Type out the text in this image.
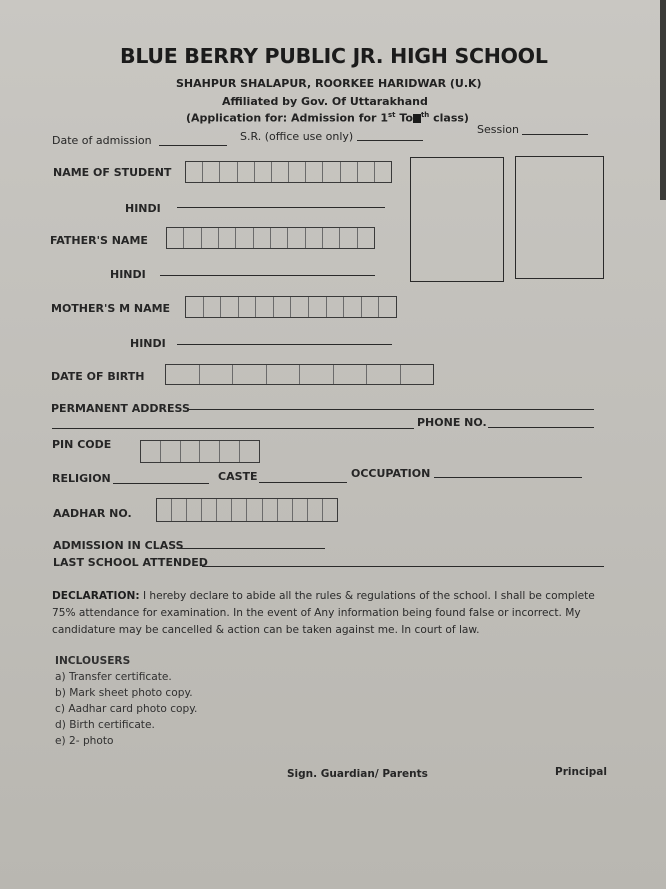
BLUE BERRY PUBLIC JR. HIGH SCHOOL
SHAHPUR SHALAPUR, ROORKEE HARIDWAR (U.K)
Affiliated by Gov. Of Uttarakhand
(Application for: Admission for 1st To $^{th}$ class)
Date of admission	S.R. (office use only)
Session
NAME OF STUDENT
HINDI
FATHER'S NAME
HINDI
MOTHER'S M NAME
HINDI
DATE OF BIRTH
PERMANENT ADDRESS
PHONE NO.
PIN CODE
RELIGION	CASTE	OCCUPATION
AADHAR NO.
ADMISSION IN CLASS
LAST SCHOOL ATTENDED
DECLARATION: I hereby declare to abide all the rules & regulations of the school. I shall be complete 75% attendance for examination. In the event of Any information being found false or incorrect. My candidature may be cancelled & action can be taken against me. In court of law.
INCLOUSERS
a) Transfer certificate.
b) Mark sheet photo copy.
c) Aadhar card photo copy.
d) Birth certificate.
e) 2- photo
Sign. Guardian/ Parents	Principal
